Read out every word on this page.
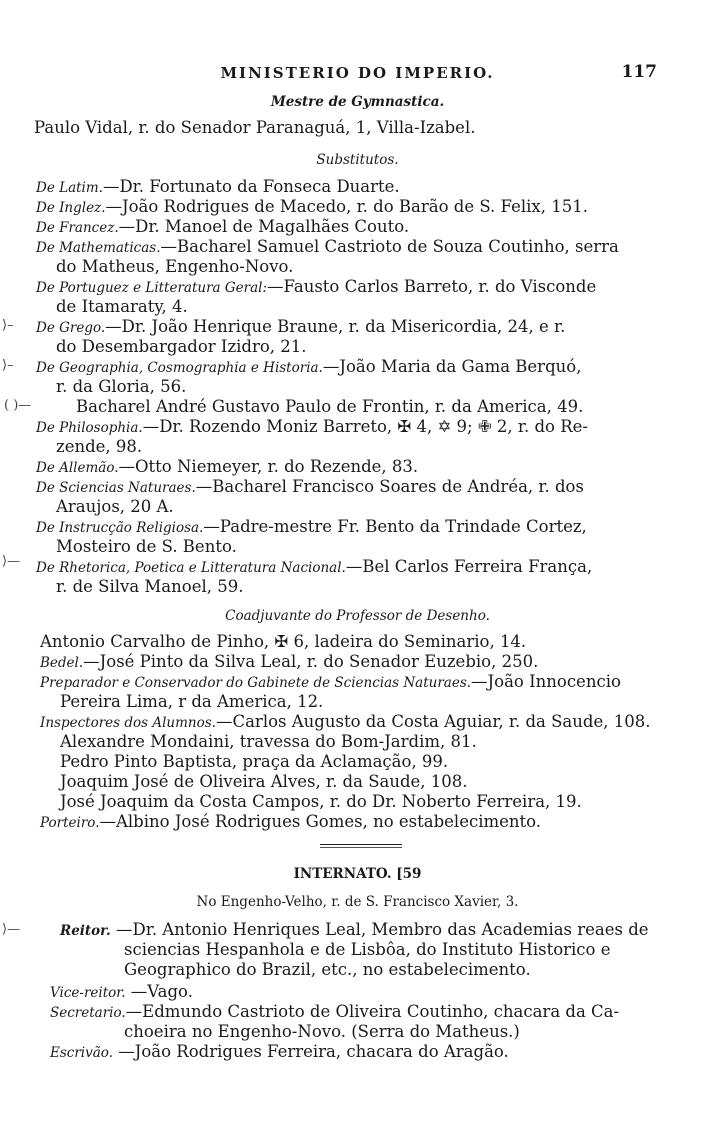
MINISTERIO DO IMPERIO.	117
Mestre de Gymnastica.
Paulo Vidal, r. do Senador Paranaguá, 1, Villa-Izabel.
Substitutos.
De Latim.—Dr. Fortunato da Fonseca Duarte.
De Inglez.—João Rodrigues de Macedo, r. do Barão de S. Felix, 151.
De Francez.—Dr. Manoel de Magalhães Couto.
De Mathematicas.—Bacharel Samuel Castrioto de Souza Coutinho, serra
do Matheus, Engenho-Novo.
De Portuguez e Litteratura Geral:—Fausto Carlos Barreto, r. do Visconde
de Itamaraty, 4.
De Grego.—Dr. João Henrique Braune, r. da Misericordia, 24, e r.
do Desembargador Izidro, 21.
De Geographia, Cosmographia e Historia.—João Maria da Gama Berquó,
r. da Gloria, 56.
Bacharel André Gustavo Paulo de Frontin, r. da America, 49.
De Philosophia.—Dr. Rozendo Moniz Barreto, ✠ 4, ✡ 9; ✙ 2, r. do Re-
zende, 98.
De Allemão.—Otto Niemeyer, r. do Rezende, 83.
De Sciencias Naturaes.—Bacharel Francisco Soares de Andréa, r. dos
Araujos, 20 A.
De Instrucção Religiosa.—Padre-mestre Fr. Bento da Trindade Cortez,
Mosteiro de S. Bento.
De Rhetorica, Poetica e Litteratura Nacional.—Bel Carlos Ferreira França,
r. de Silva Manoel, 59.
Coadjuvante do Professor de Desenho.
Antonio Carvalho de Pinho, ✠ 6, ladeira do Seminario, 14.
Bedel.—José Pinto da Silva Leal, r. do Senador Euzebio, 250.
Preparador e Conservador do Gabinete de Sciencias Naturaes.—João Innocencio
Pereira Lima, r da America, 12.
Inspectores dos Alumnos.—Carlos Augusto da Costa Aguiar, r. da Saude, 108.
Alexandre Mondaini, travessa do Bom-Jardim, 81.
Pedro Pinto Baptista, praça da Aclamação, 99.
Joaquim José de Oliveira Alves, r. da Saude, 108.
José Joaquim da Costa Campos, r. do Dr. Noberto Ferreira, 19.
Porteiro.—Albino José Rodrigues Gomes, no estabelecimento.
INTERNATO. [59
No Engenho-Velho, r. de S. Francisco Xavier, 3.
Reitor. —Dr. Antonio Henriques Leal, Membro das Academias reaes de
sciencias Hespanhola e de Lisbôa, do Instituto Historico e
Geographico do Brazil, etc., no estabelecimento.
Vice-reitor. —Vago.
Secretario.—Edmundo Castrioto de Oliveira Coutinho, chacara da Ca-
choeira no Engenho-Novo. (Serra do Matheus.)
Escrivão. —João Rodrigues Ferreira, chacara do Aragão.
⟩–
⟩–
( )—
⟩—
⟩—
